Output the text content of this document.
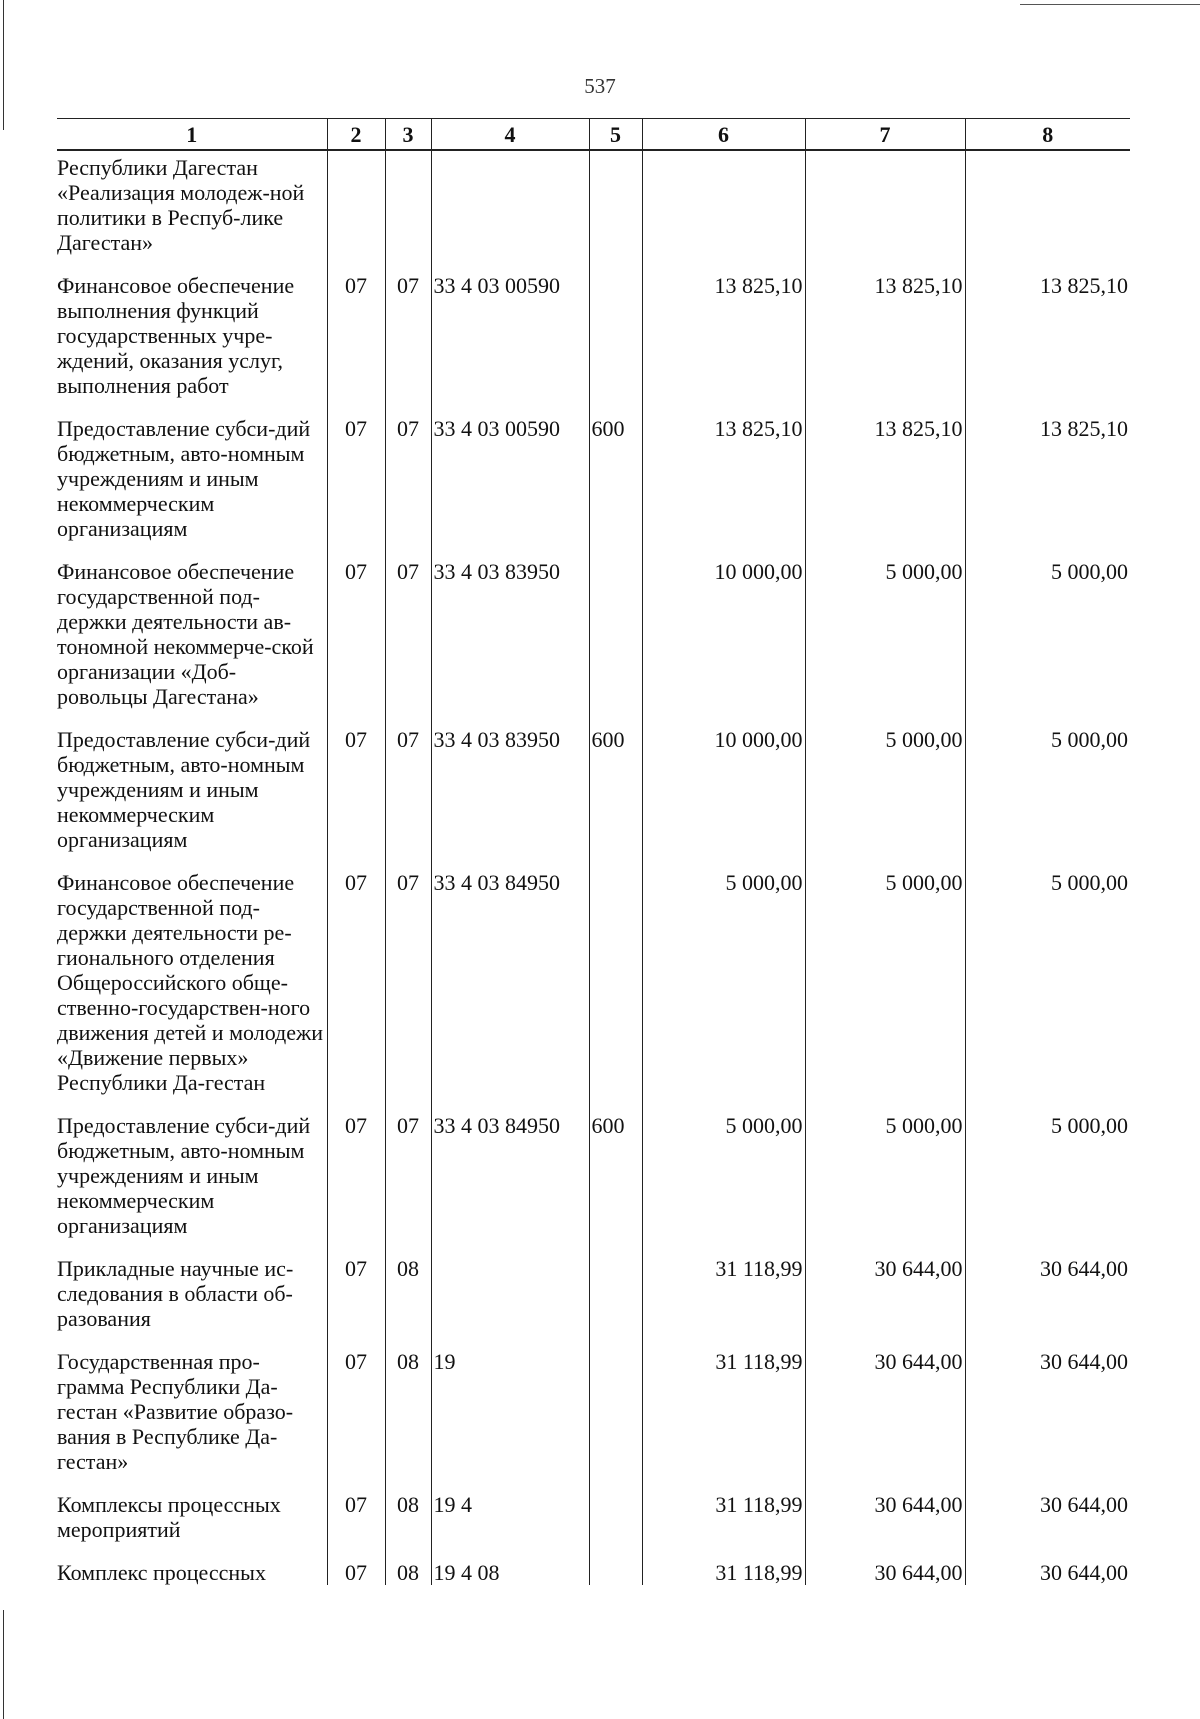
537
1	2	3	4	5	6	7	8
Республики Дагестан «Реализация молодеж-ной политики в Респуб-лике Дагестан»							
Финансовое обеспечение выполнения функций государственных учре-ждений, оказания услуг, выполнения работ	07	07	33 4 03 00590		13 825,10	13 825,10	13 825,10
Предоставление субси-дий бюджетным, авто-номным учреждениям и иным некоммерческим организациям	07	07	33 4 03 00590	600	13 825,10	13 825,10	13 825,10
Финансовое обеспечение государственной под-держки деятельности ав-тономной некоммерче-ской организации «Доб-ровольцы Дагестана»	07	07	33 4 03 83950		10 000,00	5 000,00	5 000,00
Предоставление субси-дий бюджетным, авто-номным учреждениям и иным некоммерческим организациям	07	07	33 4 03 83950	600	10 000,00	5 000,00	5 000,00
Финансовое обеспечение государственной под-держки деятельности ре-гионального отделения Общероссийского обще-ственно-государствен-ного движения детей и молодежи «Движение первых» Республики Да-гестан	07	07	33 4 03 84950		5 000,00	5 000,00	5 000,00
Предоставление субси-дий бюджетным, авто-номным учреждениям и иным некоммерческим организациям	07	07	33 4 03 84950	600	5 000,00	5 000,00	5 000,00
Прикладные научные ис-следования в области об-разования	07	08			31 118,99	30 644,00	30 644,00
Государственная про-грамма Республики Да-гестан «Развитие образо-вания в Республике Да-гестан»	07	08	19		31 118,99	30 644,00	30 644,00
Комплексы процессных мероприятий	07	08	19 4		31 118,99	30 644,00	30 644,00
Комплекс процессных	07	08	19 4 08		31 118,99	30 644,00	30 644,00
